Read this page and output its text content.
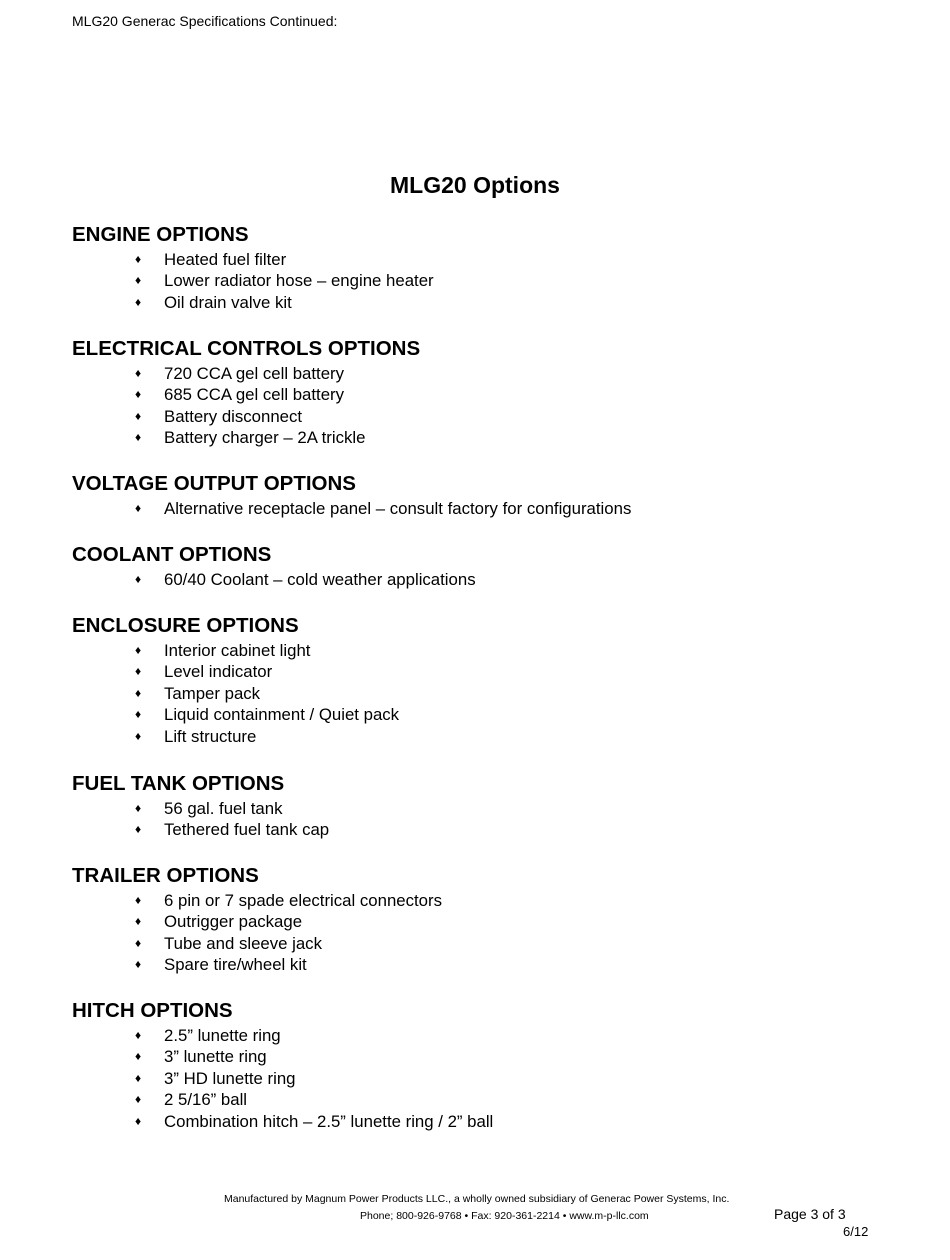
MLG20 Generac Specifications Continued:
MLG20 Options
ENGINE OPTIONS
♦ Heated fuel filter
♦ Lower radiator hose – engine heater
♦ Oil drain valve kit
ELECTRICAL CONTROLS OPTIONS
♦ 720 CCA gel cell battery
♦ 685 CCA gel cell battery
♦ Battery disconnect
♦ Battery charger – 2A trickle
VOLTAGE OUTPUT OPTIONS
♦ Alternative receptacle panel – consult factory for configurations
COOLANT OPTIONS
♦ 60/40 Coolant – cold weather applications
ENCLOSURE OPTIONS
♦ Interior cabinet light
♦ Level indicator
♦ Tamper pack
♦ Liquid containment / Quiet pack
♦ Lift structure
FUEL TANK OPTIONS
♦ 56 gal. fuel tank
♦ Tethered fuel tank cap
TRAILER OPTIONS
♦ 6 pin or 7 spade electrical connectors
♦ Outrigger package
♦ Tube and sleeve jack
♦ Spare tire/wheel kit
HITCH OPTIONS
♦ 2.5” lunette ring
♦ 3” lunette ring
♦ 3” HD lunette ring
♦ 2 5/16” ball
♦ Combination hitch – 2.5” lunette ring / 2” ball
Manufactured by Magnum Power Products LLC., a wholly owned subsidiary of Generac Power Systems, Inc.
Phone; 800-926-9768 • Fax: 920-361-2214 • www.m-p-llc.com	Page 3 of 3
6/12
